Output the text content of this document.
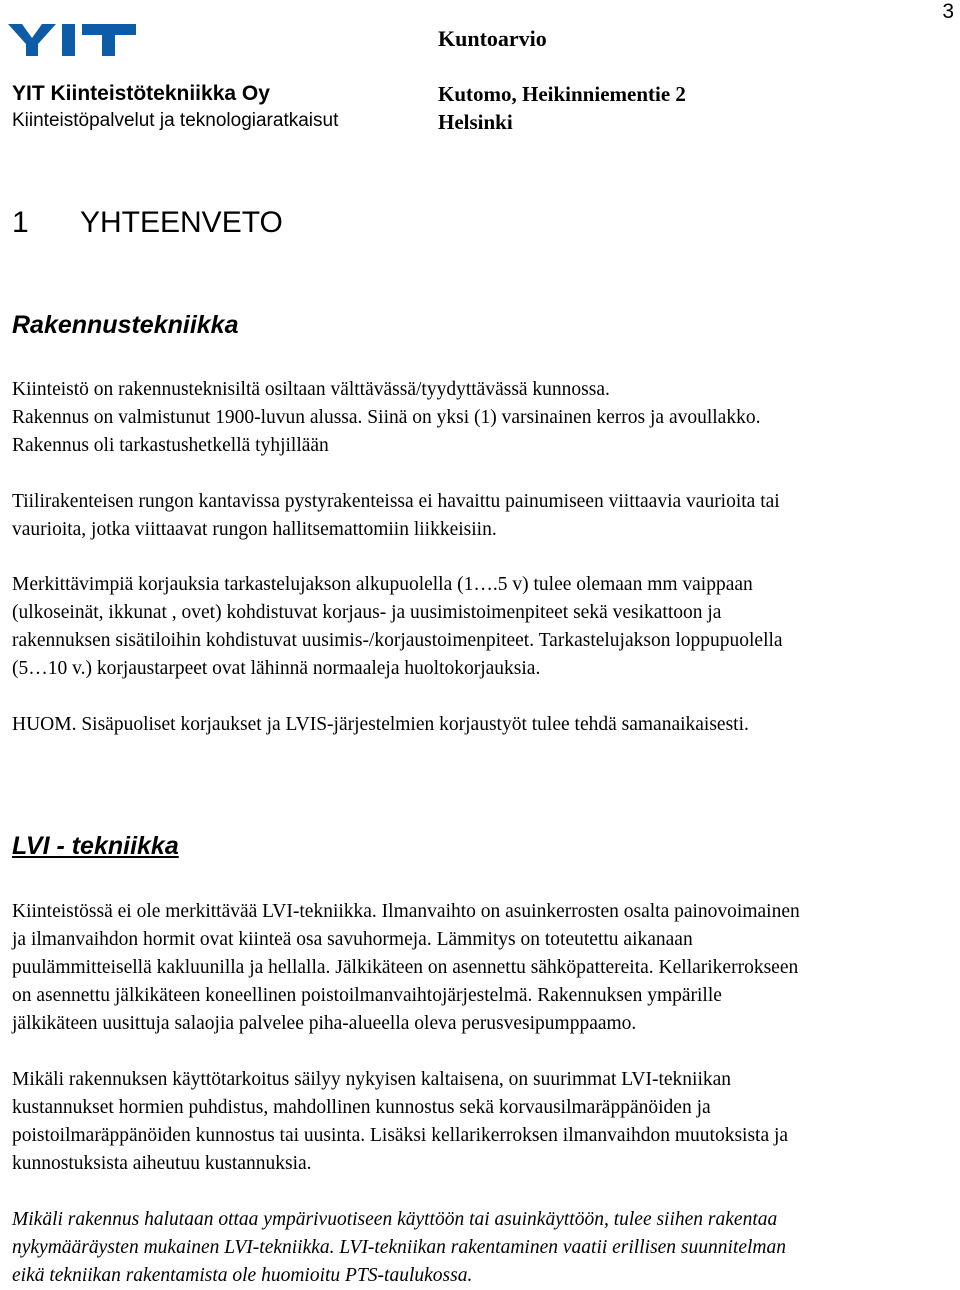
3
Kuntoarvio
YIT Kiinteistötekniikka Oy
Kiinteistöpalvelut ja teknologiaratkaisut
Kutomo, Heikinniementie 2
Helsinki
1 YHTEENVETO
Rakennustekniikka

Kiinteistö on rakennusteknisiltä osiltaan välttävässä/tyydyttävässä kunnossa.

Rakennus on valmistunut 1900-luvun alussa. Siinä on yksi (1) varsinainen kerros ja avoullakko.

Rakennus oli tarkastushetkellä tyhjillään

Tiilirakenteisen rungon kantavissa pystyrakenteissa ei havaittu painumiseen viittaavia vaurioita tai

vaurioita, jotka viittaavat rungon hallitsemattomiin liikkeisiin.

Merkittävimpiä korjauksia tarkastelujakson alkupuolella (1….5 v) tulee olemaan mm vaippaan

(ulkoseinät, ikkunat , ovet) kohdistuvat korjaus- ja uusimistoimenpiteet sekä vesikattoon ja

rakennuksen sisätiloihin kohdistuvat uusimis-/korjaustoimenpiteet. Tarkastelujakson loppupuolella

(5…10 v.) korjaustarpeet ovat lähinnä normaaleja huoltokorjauksia.

HUOM. Sisäpuoliset korjaukset ja LVIS-järjestelmien korjaustyöt tulee tehdä samanaikaisesti.

LVI - tekniikka

Kiinteistössä ei ole merkittävää LVI-tekniikka. Ilmanvaihto on asuinkerrosten osalta painovoimainen

ja ilmanvaihdon hormit ovat kiinteä osa savuhormeja. Lämmitys on toteutettu aikanaan

puulämmitteisellä kakluunilla ja hellalla. Jälkikäteen on asennettu sähköpattereita. Kellarikerrokseen

on asennettu jälkikäteen koneellinen poistoilmanvaihtojärjestelmä. Rakennuksen ympärille

jälkikäteen uusittuja salaojia palvelee piha-alueella oleva perusvesipumppaamo.

Mikäli rakennuksen käyttötarkoitus säilyy nykyisen kaltaisena, on suurimmat LVI-tekniikan

kustannukset hormien puhdistus, mahdollinen kunnostus sekä korvausilmaräppänöiden ja

poistoilmaräppänöiden kunnostus tai uusinta. Lisäksi kellarikerroksen ilmanvaihdon muutoksista ja

kunnostuksista aiheutuu kustannuksia.

Mikäli rakennus halutaan ottaa ympärivuotiseen käyttöön tai asuinkäyttöön, tulee siihen rakentaa

nykymääräysten mukainen LVI-tekniikka. LVI-tekniikan rakentaminen vaatii erillisen suunnitelman

eikä tekniikan rakentamista ole huomioitu PTS-taulukossa.
